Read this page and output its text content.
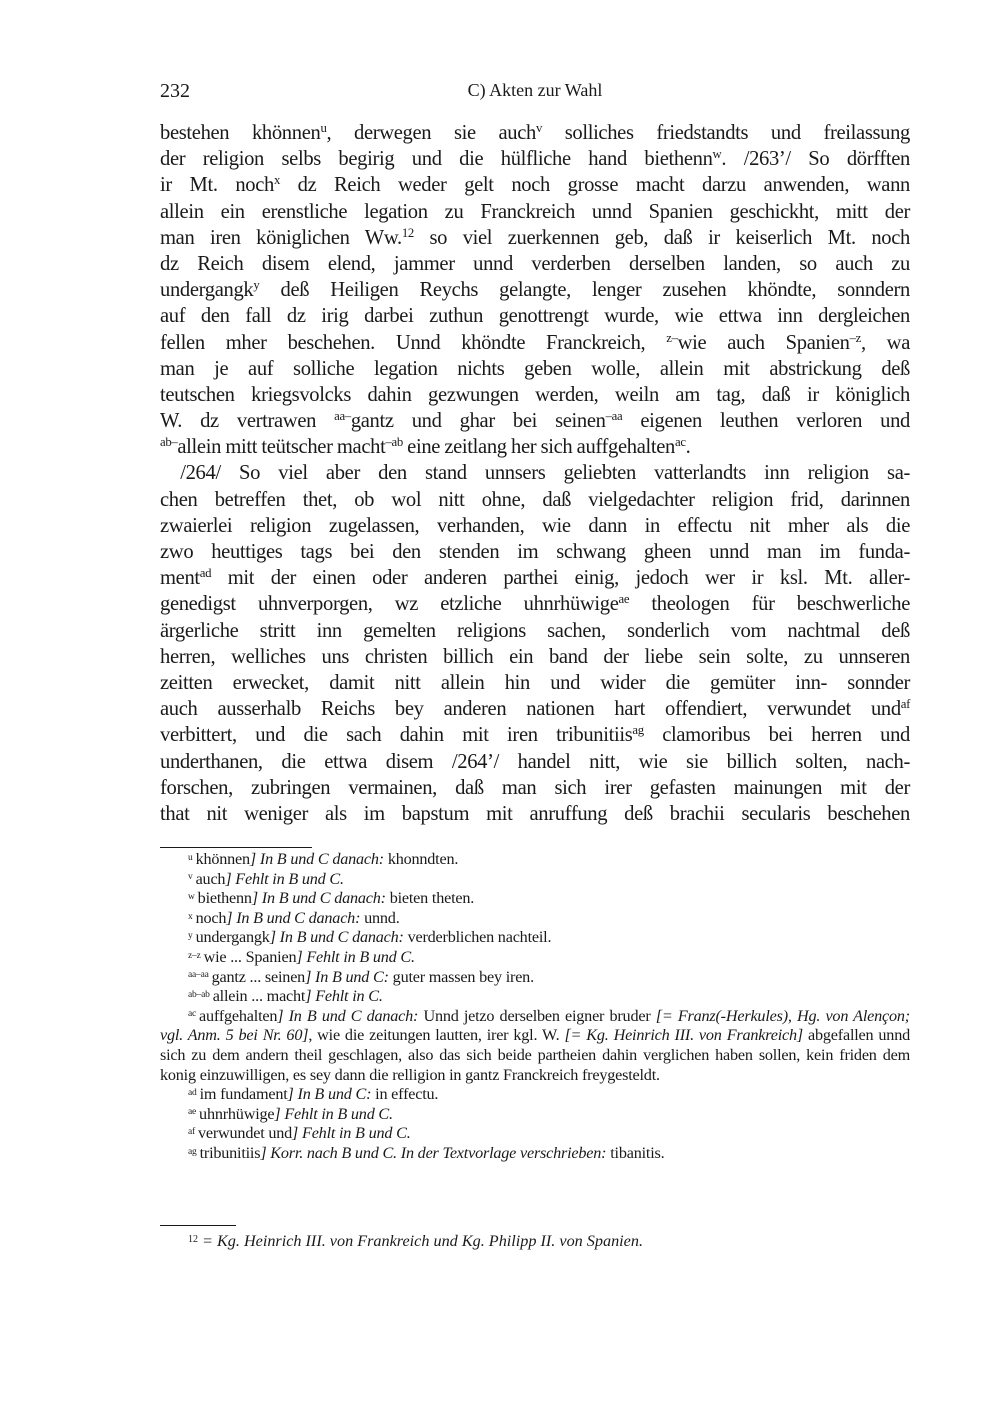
232	C) Akten zur Wahl
bestehen khönnen$^u$, derwegen sie auch$^v$ solliches friedstandts und freilassung
der religion selbs begirig und die hülfliche hand biethenn$^w$. /263’/ So dörfften
ir Mt. noch$^x$ dz Reich weder gelt noch grosse macht darzu anwenden, wann
allein ein erenstliche legation zu Franckreich unnd Spanien geschickht, mitt der
man iren königlichen Ww.$^{12}$ so viel zuerkennen geb, daß ir keiserlich Mt. noch
dz Reich disem elend, jammer unnd verderben derselben landen, so auch zu
undergangk$^y$ deß Heiligen Reychs gelangte, lenger zusehen khöndte, sonndern
auf den fall dz irig darbei zuthun genottrengt wurde, wie ettwa inn dergleichen
fellen mher beschehen. Unnd khöndte Franckreich, $^{z-}$wie auch Spanien$^{-z}$, wa
man je auf solliche legation nichts geben wolle, allein mit abstrickung deß
teutschen kriegsvolcks dahin gezwungen werden, weiln am tag, daß ir königlich
W. dz vertrawen $^{aa-}$gantz und ghar bei seinen$^{-aa}$ eigenen leuthen verloren und
$^{ab-}$allein mitt teütscher macht$^{-ab}$ eine zeitlang her sich auffgehalten$^{ac}$.
 /264/ So viel aber den stand unnsers geliebten vatterlandts inn religion sa-
chen betreffen thet, ob wol nitt ohne, daß vielgedachter religion frid, darinnen
zwaierlei religion zugelassen, verhanden, wie dann in effectu nit mher als die
zwo heuttiges tags bei den stenden im schwang gheen unnd man im funda-
ment$^{ad}$ mit der einen oder anderen parthei einig, jedoch wer ir ksl. Mt. aller-
genedigst uhnverporgen, wz etzliche uhnrhüwige$^{ae}$ theologen für beschwerliche
ärgerliche stritt inn gemelten religions sachen, sonderlich vom nachtmal deß
herren, welliches uns christen billich ein band der liebe sein solte, zu unnseren
zeitten erwecket, damit nitt allein hin und wider die gemüter inn- sonnder
auch ausserhalb Reichs bey anderen nationen hart offendiert, verwundet und$^{af}$
verbittert, und die sach dahin mit iren tribunitiis$^{ag}$ clamoribus bei herren und
underthanen, die ettwa disem /264’/ handel nitt, wie sie billich solten, nach-
forschen, zubringen vermainen, daß man sich irer gefasten mainungen mit der
that nit weniger als im bapstum mit anruffung deß brachii secularis beschehen
$^u$ khönnen] In B und C danach: khonndten.
$^v$ auch] Fehlt in B und C.
$^w$ biethenn] In B und C danach: bieten theten.
$^x$ noch] In B und C danach: unnd.
$^y$ undergangk] In B und C danach: verderblichen nachteil.
$^{z-z}$ wie ... Spanien] Fehlt in B und C.
$^{aa-aa}$ gantz ... seinen] In B und C: guter massen bey iren.
$^{ab-ab}$ allein ... macht] Fehlt in C.
$^{ac}$ auffgehalten] In B und C danach: Unnd jetzo derselben eigner bruder [= Franz(-Herkules), Hg. von Alençon; vgl. Anm. 5 bei Nr. 60], wie die zeitungen lautten, irer kgl. W. [= Kg. Heinrich III. von Frankreich] abgefallen unnd sich zu dem andern theil geschlagen, also das sich beide partheien dahin verglichen haben sollen, kein friden dem konig einzuwilligen, es sey dann die relligion in gantz Franckreich freygesteldt.
$^{ad}$ im fundament] In B und C: in effectu.
$^{ae}$ uhnrhüwige] Fehlt in B und C.
$^{af}$ verwundet und] Fehlt in B und C.
$^{ag}$ tribunitiis] Korr. nach B und C. In der Textvorlage verschrieben: tibanitis.
$^{12}$ = Kg. Heinrich III. von Frankreich und Kg. Philipp II. von Spanien.
